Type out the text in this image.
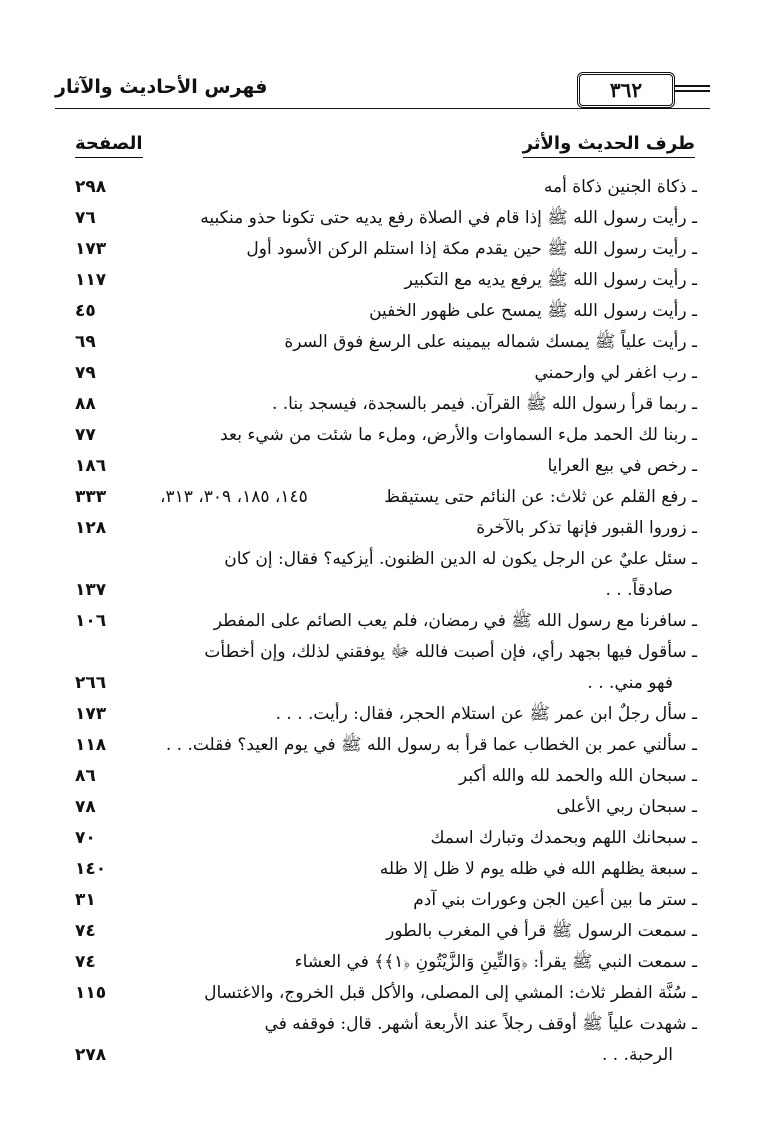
فهرس الأحاديث والآثار	٣٦٢
طرف الحديث والأثر
الصفحة
ـ ذكاة الجنين ذكاة أمه
٢٩٨
ـ رأيت رسول الله ﷺ إذا قام في الصلاة رفع يديه حتى تكونا حذو منكبيه
٧٦
ـ رأيت رسول الله ﷺ حين يقدم مكة إذا استلم الركن الأسود أول
١٧٣
ـ رأيت رسول الله ﷺ يرفع يديه مع التكبير
١١٧
ـ رأيت رسول الله ﷺ يمسح على ظهور الخفين
٤٥
ـ رأيت علياً ﷺ يمسك شماله بيمينه على الرسغ فوق السرة
٦٩
ـ رب اغفر لي وارحمني
٧٩
ـ ربما قرأ رسول الله ﷺ القرآن. فيمر بالسجدة، فيسجد بنا. .
٨٨
ـ ربنا لك الحمد ملء السماوات والأرض، وملء ما شئت من شيء بعد
٧٧
ـ رخص في بيع العرايا
١٨٦
ـ رفع القلم عن ثلاث: عن النائم حتى يستيقظ
٣٣٣	١٤٥، ١٨٥، ٣٠٩، ٣١٣،
ـ زوروا القبور فإنها تذكر بالآخرة
١٢٨
ـ سئل عليٌ عن الرجل يكون له الدين الظنون. أيزكيه؟ فقال: إن كان
صادقاً. . .
١٣٧
ـ سافرنا مع رسول الله ﷺ في رمضان، فلم يعب الصائم على المفطر
١٠٦
ـ سأقول فيها بجهد رأي، فإن أصبت فالله ﷻ يوفقني لذلك، وإن أخطأت
فهو مني. . .
٢٦٦
ـ سأل رجلٌ ابن عمر ﷺ عن استلام الحجر، فقال: رأيت. . . .
١٧٣
ـ سألني عمر بن الخطاب عما قرأ به رسول الله ﷺ في يوم العيد؟ فقلت. . .
١١٨
ـ سبحان الله والحمد لله والله أكبر
٨٦
ـ سبحان ربي الأعلى
٧٨
ـ سبحانك اللهم وبحمدك وتبارك اسمك
٧٠
ـ سبعة يظلهم الله في ظله يوم لا ظل إلا ظله
١٤٠
ـ ستر ما بين أعين الجن وعورات بني آدم
٣١
ـ سمعت الرسول ﷺ قرأ في المغرب بالطور
٧٤
ـ سمعت النبي ﷺ يقرأ: ﴿وَالتِّينِ وَالزَّيْتُونِ ﴿١﴾﴾ في العشاء
٧٤
ـ سُنَّة الفطر ثلاث: المشي إلى المصلى، والأكل قبل الخروج، والاغتسال
١١٥
ـ شهدت علياً ﷺ أوقف رجلاً عند الأربعة أشهر. قال: فوقفه في
الرحبة. . .
٢٧٨
